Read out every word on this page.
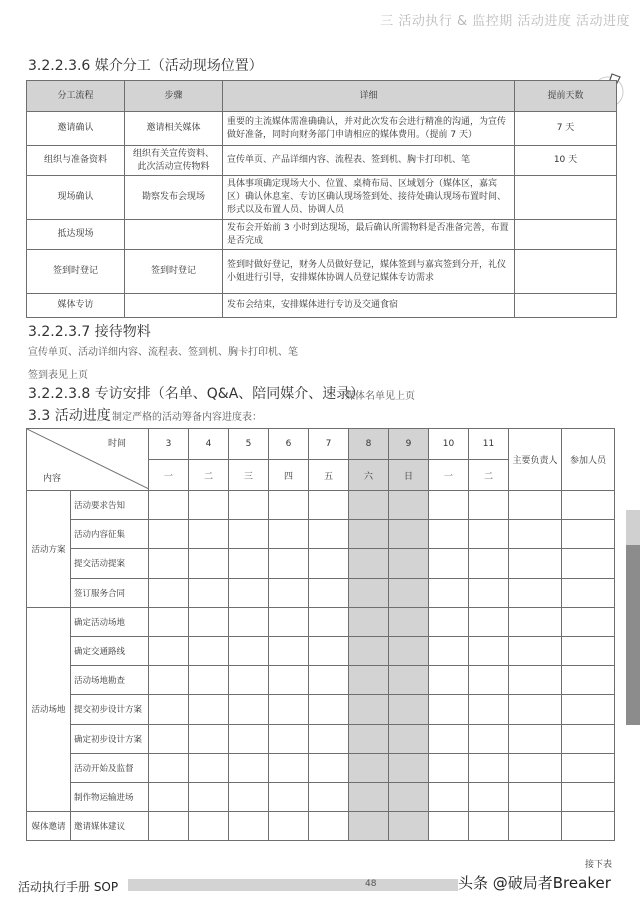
三 活动执行 & 监控期 活动进度 活动进度
3.2.2.3.6 媒介分工（活动现场位置）
分工流程	步骤	详细	提前天数
邀请确认	邀请相关媒体	重要的主流媒体需准确确认，并对此次发布会进行精准的沟通，为宣传做好准备，同时向财务部门申请相应的媒体费用。（提前 7 天）	7 天
组织与准备资料	组织有关宣传资料、此次活动宣传物料	宣传单页、产品详细内容、流程表、签到机、胸卡打印机、笔	10 天
现场确认	勘察发布会现场	具体事项确定现场大小、位置、桌椅布局、区域划分（媒体区，嘉宾区）确认休息室、专访区确认现场签到处、接待处确认现场布置时间、形式以及布置人员、协调人员	
抵达现场		发布会开始前 3 小时到达现场，最后确认所需物料是否准备完善，布置是否完成	
签到时登记	签到时登记	签到时做好登记，财务人员做好登记，媒体签到与嘉宾签到分开，礼仪小姐进行引导，安排媒体协调人员登记媒体专访需求	
媒体专访		发布会结束，安排媒体进行专访及交通食宿	
3.2.2.3.7 接待物料
宣传单页、活动详细内容、流程表、签到机、胸卡打印机、笔
签到表见上页
3.2.2.3.8 专访安排（名单、Q&A、陪同媒介、速录）
媒体名单见上页
3.3 活动进度 制定严格的活动筹备内容进度表：
时间
内容		3	4	5	6	7	8	9	10	11	主要负责人	参加人员
		一	二	三	四	五	六	日	一	二		
活动方案	活动要求告知											
	活动内容征集											
	提交活动提案											
	签订服务合同											
活动场地	确定活动场地											
	确定交通路线											
	活动场地勘查											
	提交初步设计方案											
	确定初步设计方案											
	活动开始及监督											
	制作物运输进场											
媒体邀请	邀请媒体建议											
接下表
活动执行手册 SOP	48	头条 @破局者Breaker
